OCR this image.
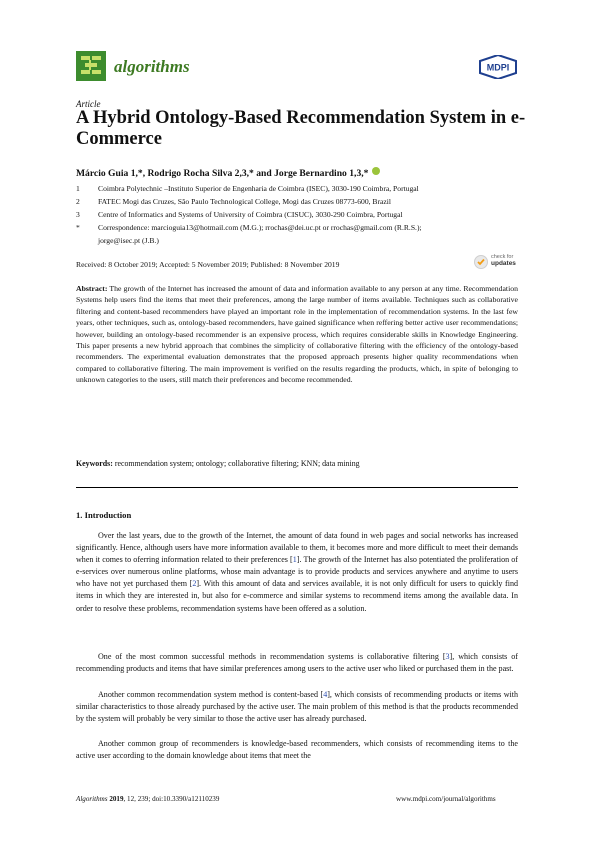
algorithms	MDPI
Article
A Hybrid Ontology-Based Recommendation System in e-Commerce
Márcio Guia 1,*, Rodrigo Rocha Silva 2,3,* and Jorge Bernardino 1,3,*
1 Coimbra Polytechnic –Instituto Superior de Engenharia de Coimbra (ISEC), 3030-190 Coimbra, Portugal
2 FATEC Mogi das Cruzes, São Paulo Technological College, Mogi das Cruzes 08773-600, Brazil
3 Centre of Informatics and Systems of University of Coimbra (CISUC), 3030-290 Coimbra, Portugal
* Correspondence: marcioguia13@hotmail.com (M.G.); rrochas@dei.uc.pt or rrochas@gmail.com (R.R.S.);
jorge@isec.pt (J.B.)
Received: 8 October 2019; Accepted: 5 November 2019; Published: 8 November 2019
check for
updates
Abstract: The growth of the Internet has increased the amount of data and information available to any person at any time. Recommendation Systems help users find the items that meet their preferences, among the large number of items available. Techniques such as collaborative filtering and content-based recommenders have played an important role in the implementation of recommendation systems. In the last few years, other techniques, such as, ontology-based recommenders, have gained significance when reffering better active user recommendations; however, building an ontology-based recommender is an expensive process, which requires considerable skills in Knowledge Engineering. This paper presents a new hybrid approach that combines the simplicity of collaborative filtering with the efficiency of the ontology-based recommenders. The experimental evaluation demonstrates that the proposed approach presents higher quality recommendations when compared to collaborative filtering. The main improvement is verified on the results regarding the products, which, in spite of belonging to unknown categories to the users, still match their preferences and become recommended.
Keywords: recommendation system; ontology; collaborative filtering; KNN; data mining
1. Introduction
Over the last years, due to the growth of the Internet, the amount of data found in web pages and social networks has increased significantly. Hence, although users have more information available to them, it becomes more and more difficult to meet their demands when it comes to oferring information related to their preferences [1]. The growth of the Internet has also potentiated the proliferation of e-services over numerous online platforms, whose main advantage is to provide products and services anywhere and anytime to users who have not yet purchased them [2]. With this amount of data and services available, it is not only difficult for users to quickly find items in which they are interested in, but also for e-commerce and similar systems to recommend items among the available data. In order to resolve these problems, recommendation systems have been offered as a solution.
One of the most common successful methods in recommendation systems is collaborative filtering [3], which consists of recommending products and items that have similar preferences among users to the active user who liked or purchased them in the past.
Another common recommendation system method is content-based [4], which consists of recommending products or items with similar characteristics to those already purchased by the active user. The main problem of this method is that the products recommended by the system will probably be very similar to those the active user has already purchased.
Another common group of recommenders is knowledge-based recommenders, which consists of recommending items to the active user according to the domain knowledge about items that meet the
Algorithms 2019, 12, 239; doi:10.3390/a12110239	www.mdpi.com/journal/algorithms
